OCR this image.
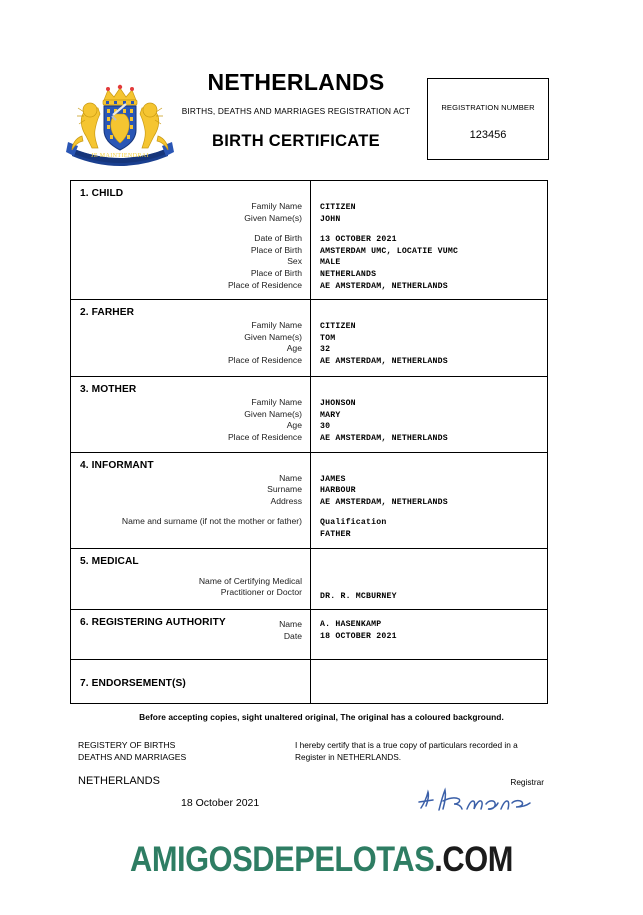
JE MAINTIENDRAI
NETHERLANDS
BIRTHS, DEATHS AND MARRIAGES REGISTRATION ACT
BIRTH CERTIFICATE
REGISTRATION NUMBER
123456
1. CHILD
Family Name
Given Name(s)
Date of Birth
Place of Birth
Sex
Place of Birth
Place of Residence
CITIZEN
JOHN
13 OCTOBER 2021
AMSTERDAM UMC, LOCATIE VUMC
MALE
NETHERLANDS
AE AMSTERDAM, NETHERLANDS
2. FARHER
Family Name
Given Name(s)
Age
Place of Residence
CITIZEN
TOM
32
AE AMSTERDAM, NETHERLANDS
3. MOTHER
Family Name
Given Name(s)
Age
Place of Residence
JHONSON
MARY
30
AE AMSTERDAM, NETHERLANDS
4. INFORMANT
Name
Surname
Address
Name and surname (if not the mother or father)
JAMES
HARBOUR
AE AMSTERDAM, NETHERLANDS
Qualification
FATHER
5. MEDICAL
Name of Certifying Medical
Practitioner or Doctor DR. R. MCBURNEY
6. REGISTERING AUTHORITY	Name
Date
A. HASENKAMP
18 OCTOBER 2021
7. ENDORSEMENT(S)
Before accepting copies, sight unaltered original, The original has a coloured background.
REGISTERY OF BIRTHS
DEATHS AND MARRIAGES
NETHERLANDS
18 October 2021
I hereby certify that is a true copy of particulars recorded in a
Register in NETHERLANDS.
Registrar
AMIGOSDEPELOTAS.COM
